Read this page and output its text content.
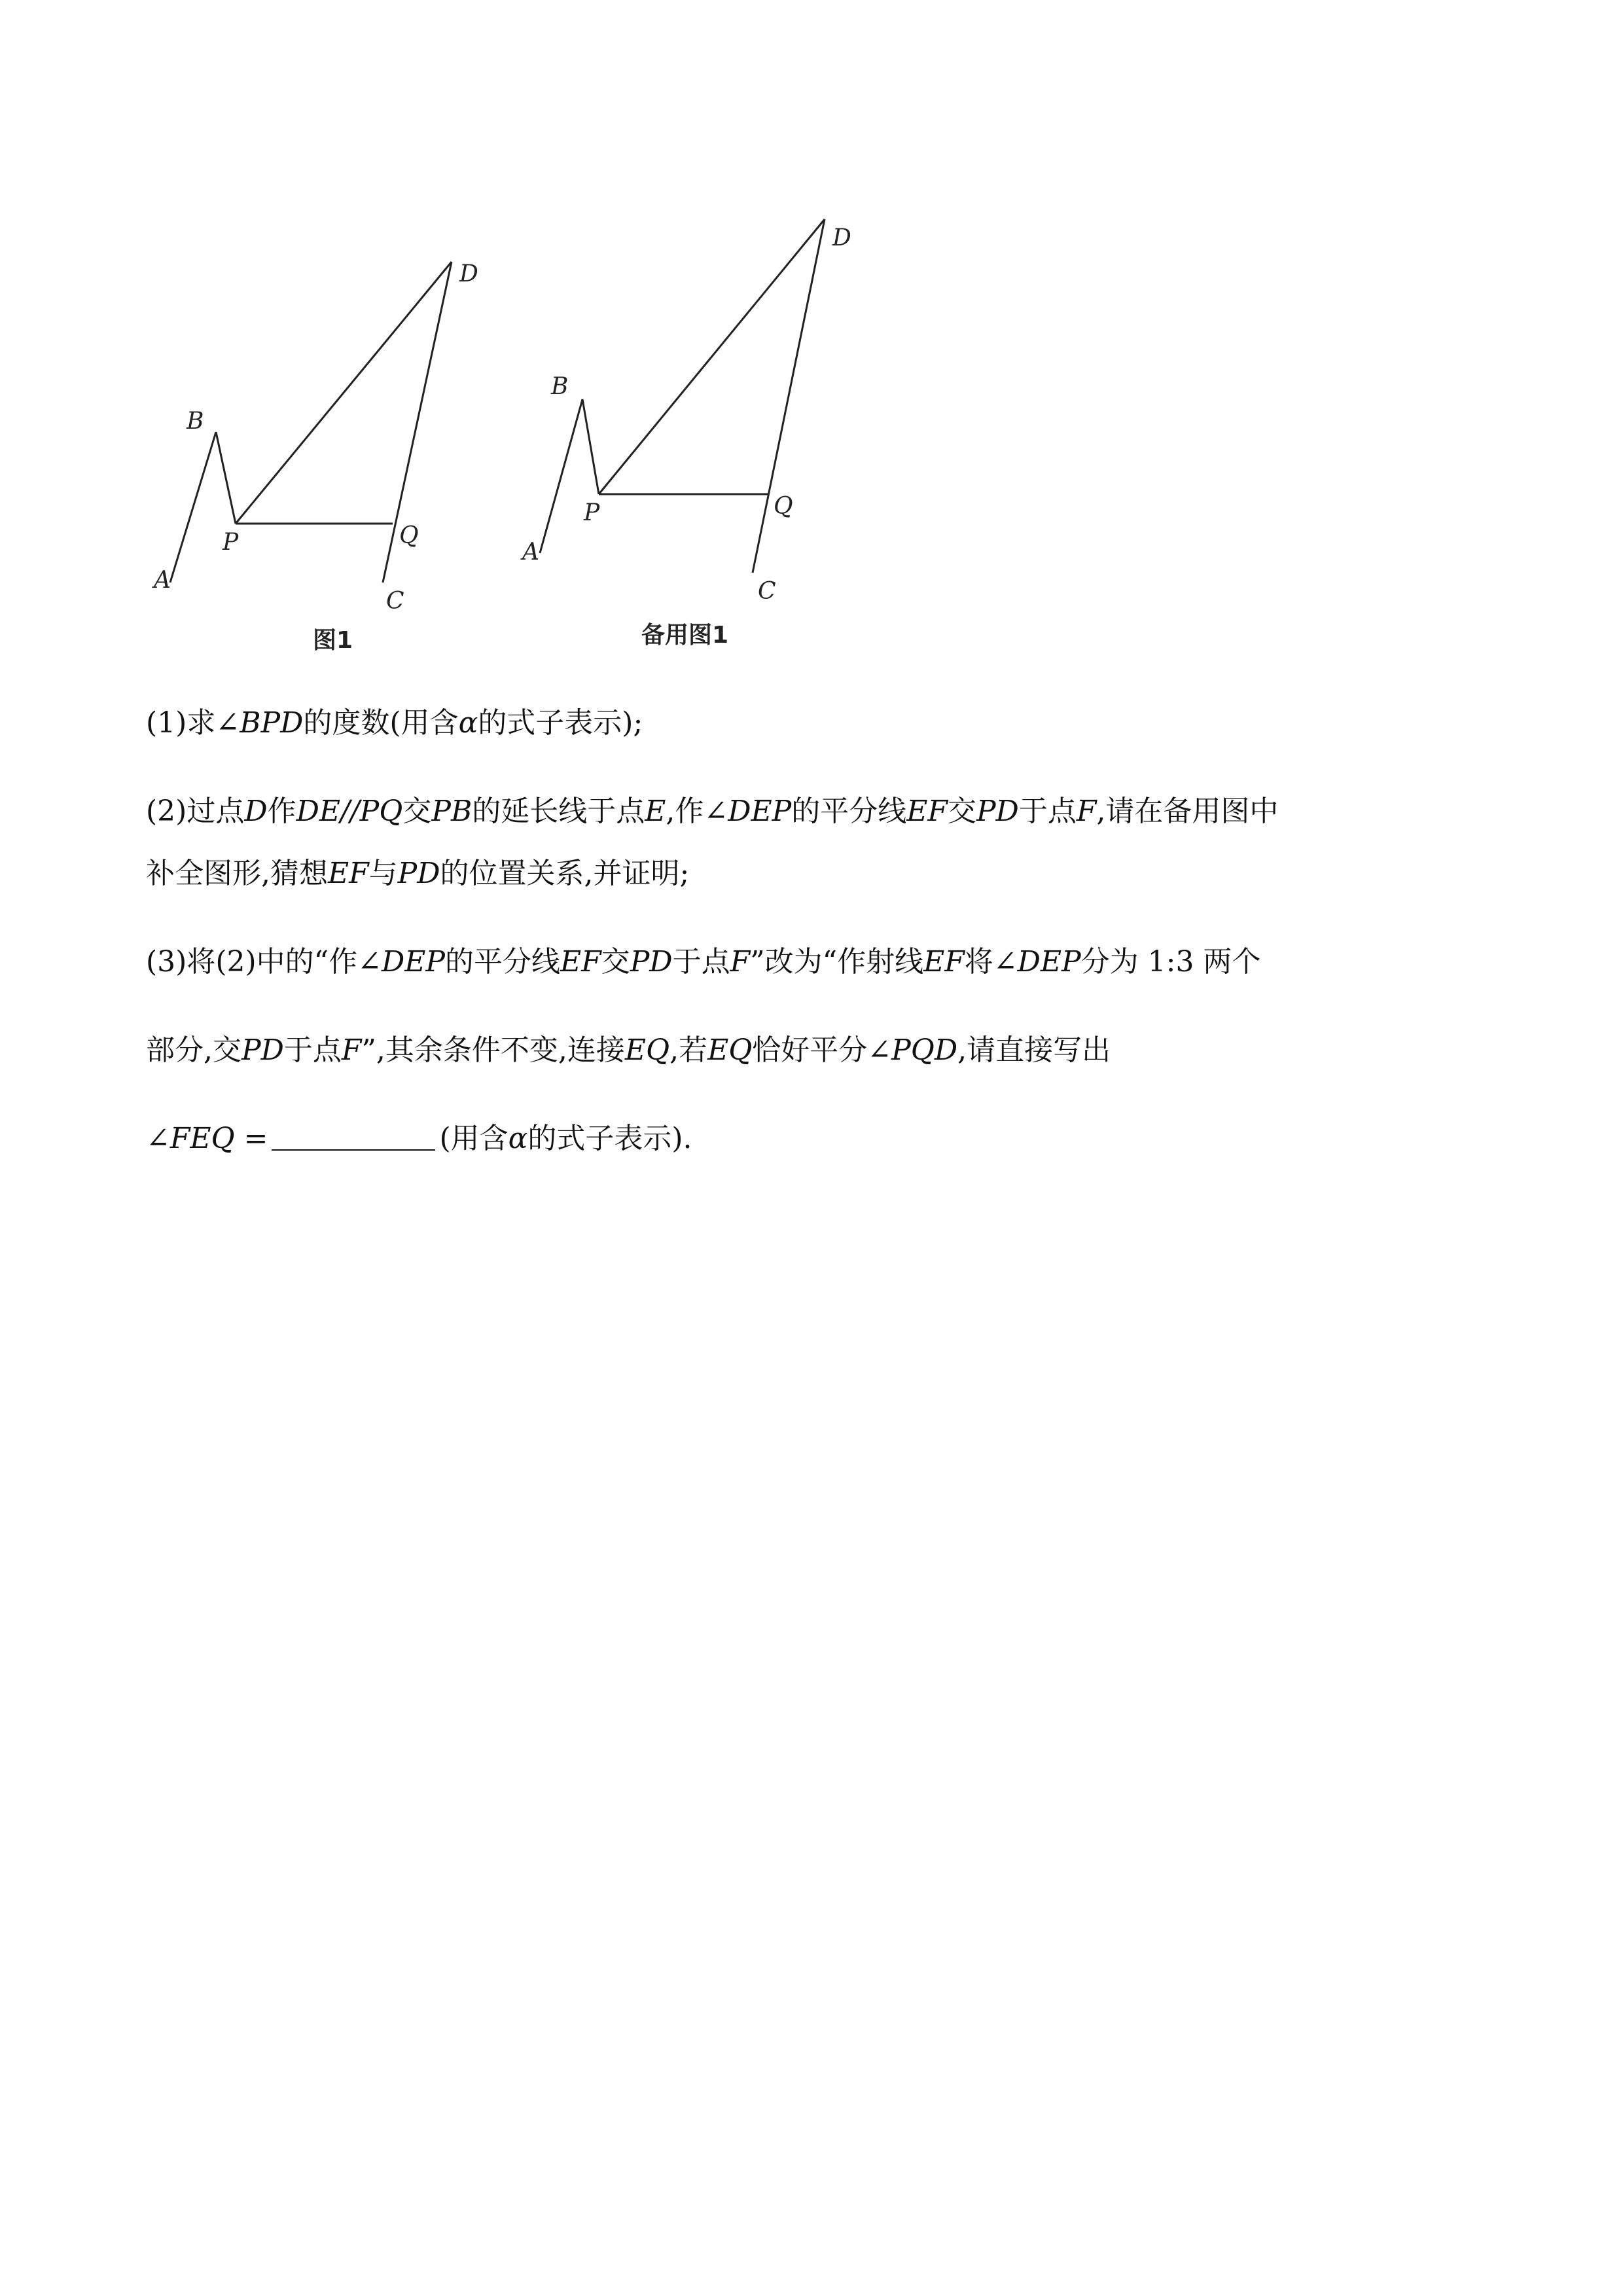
A
B
P	Q
C
D
图1
A
B
P	Q
C
D
备用图1
(1)求∠BPD的度数(用含α的式子表示);
(2)过点D作DE//PQ交PB的延长线于点E,作∠DEP的平分线EF交PD于点F,请在备用图中
补全图形,猜想EF与PD的位置关系,并证明;
(3)将(2)中的“作∠DEP的平分线EF交PD于点F”改为“作射线EF将∠DEP分为 1:3 两个
部分,交PD于点F”,其余条件不变,连接EQ,若EQ恰好平分∠PQD,请直接写出
∠FEQ =	(用含α的式子表示).
